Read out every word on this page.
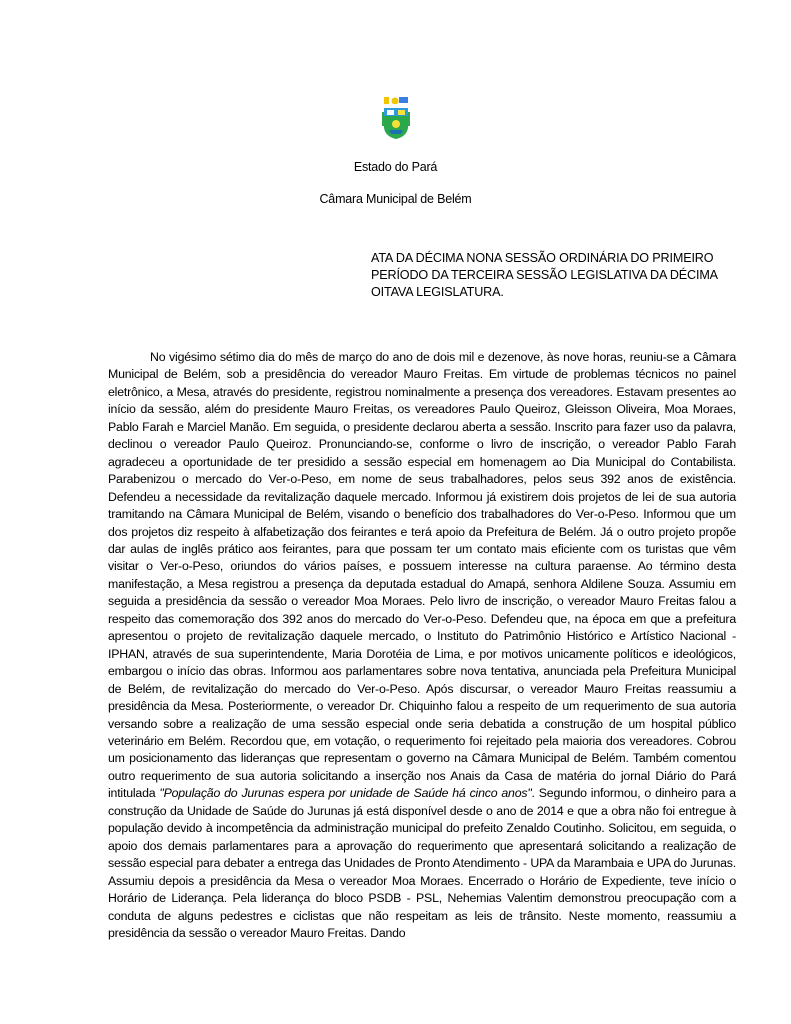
Estado do Pará
Câmara Municipal de Belém
ATA DA DÉCIMA NONA SESSÃO ORDINÁRIA DO PRIMEIRO PERÍODO DA TERCEIRA SESSÃO LEGISLATIVA DA DÉCIMA OITAVA LEGISLATURA.

No vigésimo sétimo dia do mês de março do ano de dois mil e dezenove, às nove horas, reuniu-se a Câmara Municipal de Belém, sob a presidência do vereador Mauro Freitas. Em virtude de problemas técnicos no painel eletrônico, a Mesa, através do presidente, registrou nominalmente a presença dos vereadores. Estavam presentes ao início da sessão, além do presidente Mauro Freitas, os vereadores Paulo Queiroz, Gleisson Oliveira, Moa Moraes, Pablo Farah e Marciel Manão. Em seguida, o presidente declarou aberta a sessão. Inscrito para fazer uso da palavra, declinou o vereador Paulo Queiroz. Pronunciando-se, conforme o livro de inscrição, o vereador Pablo Farah agradeceu a oportunidade de ter presidido a sessão especial em homenagem ao Dia Municipal do Contabilista. Parabenizou o mercado do Ver-o-Peso, em nome de seus trabalhadores, pelos seus 392 anos de existência. Defendeu a necessidade da revitalização daquele mercado. Informou já existirem dois projetos de lei de sua autoria tramitando na Câmara Municipal de Belém, visando o benefício dos trabalhadores do Ver-o-Peso. Informou que um dos projetos diz respeito à alfabetização dos feirantes e terá apoio da Prefeitura de Belém. Já o outro projeto propõe dar aulas de inglês prático aos feirantes, para que possam ter um contato mais eficiente com os turistas que vêm visitar o Ver-o-Peso, oriundos do vários países, e possuem interesse na cultura paraense. Ao término desta manifestação, a Mesa registrou a presença da deputada estadual do Amapá, senhora Aldilene Souza. Assumiu em seguida a presidência da sessão o vereador Moa Moraes. Pelo livro de inscrição, o vereador Mauro Freitas falou a respeito das comemoração dos 392 anos do mercado do Ver-o-Peso. Defendeu que, na época em que a prefeitura apresentou o projeto de revitalização daquele mercado, o Instituto do Patrimônio Histórico e Artístico Nacional - IPHAN, através de sua superintendente, Maria Dorotéia de Lima, e por motivos unicamente políticos e ideológicos, embargou o início das obras. Informou aos parlamentares sobre nova tentativa, anunciada pela Prefeitura Municipal de Belém, de revitalização do mercado do Ver-o-Peso. Após discursar, o vereador Mauro Freitas reassumiu a presidência da Mesa. Posteriormente, o vereador Dr. Chiquinho falou a respeito de um requerimento de sua autoria versando sobre a realização de uma sessão especial onde seria debatida a construção de um hospital público veterinário em Belém. Recordou que, em votação, o requerimento foi rejeitado pela maioria dos vereadores. Cobrou um posicionamento das lideranças que representam o governo na Câmara Municipal de Belém. Também comentou outro requerimento de sua autoria solicitando a inserção nos Anais da Casa de matéria do jornal Diário do Pará intitulada "População do Jurunas espera por unidade de Saúde há cinco anos". Segundo informou, o dinheiro para a construção da Unidade de Saúde do Jurunas já está disponível desde o ano de 2014 e que a obra não foi entregue à população devido à incompetência da administração municipal do prefeito Zenaldo Coutinho. Solicitou, em seguida, o apoio dos demais parlamentares para a aprovação do requerimento que apresentará solicitando a realização de sessão especial para debater a entrega das Unidades de Pronto Atendimento - UPA da Marambaia e UPA do Jurunas. Assumiu depois a presidência da Mesa o vereador Moa Moraes. Encerrado o Horário de Expediente, teve início o Horário de Liderança. Pela liderança do bloco PSDB - PSL, Nehemias Valentim demonstrou preocupação com a conduta de alguns pedestres e ciclistas que não respeitam as leis de trânsito. Neste momento, reassumiu a presidência da sessão o vereador Mauro Freitas. Dando
